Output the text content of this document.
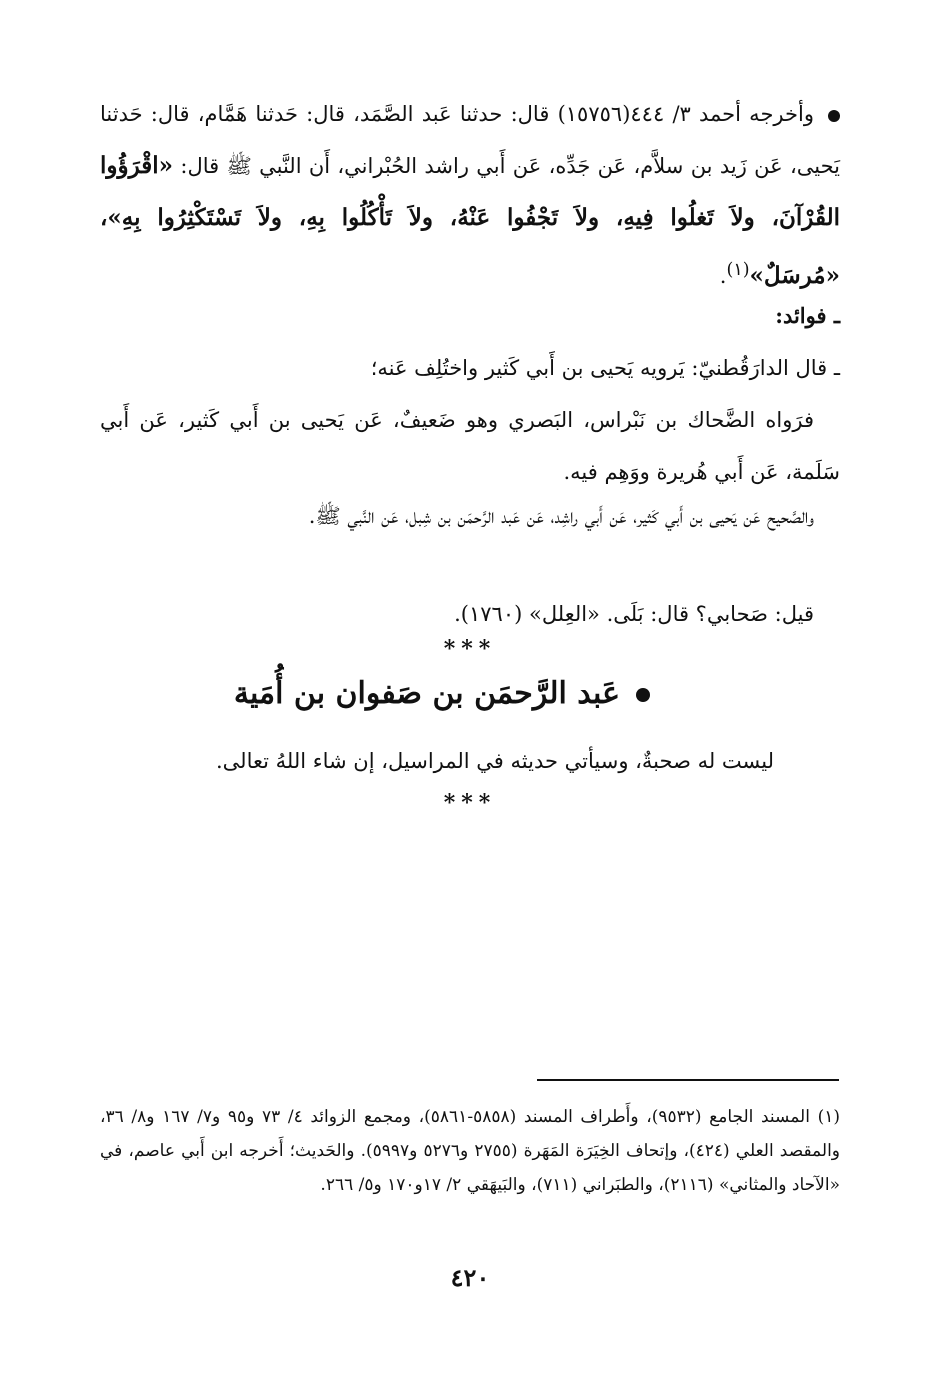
وأخرجه أحمد ٣/ ٤٤٤(١٥٧٥٦) قال: حدثنا عَبد الصَّمَد، قال: حَدثنا هَمَّام، قال: حَدثنا يَحيى، عَن زَيد بن سلاَّم، عَن جَدِّه، عَن أَبي راشد الحُبْراني، أَن النَّبي ﷺ قال: «اقْرَؤُوا القُرْآنَ، ولاَ تَغلُوا فِيهِ، ولاَ تَجْفُوا عَنْهُ، ولاَ تَأْكُلُوا بِهِ، ولاَ تَسْتَكْثِرُوا بِهِ»، «مُرسَلٌ»$^{(١)}$.

ـ فوائد:

ـ قال الدارَقُطنيّ: يَرويه يَحيى بن أَبي كَثير واختُلِف عَنه؛

فرَواه الضَّحاك بن نَبْراس، البَصري وهو ضَعيفٌ، عَن يَحيى بن أَبي كَثير، عَن أَبي سَلَمة، عَن أَبي هُريرة ووَهِم فيه.

والصَّحيح عَن يَحيى بن أَبي كَثير، عَن أَبي راشِد، عَن عَبد الرَّحمَن بن شِبل، عَن النَّبي ﷺ.

قيل: صَحابي؟ قال: بَلَى. «العِلل» (١٧٦٠).

***
عَبد الرَّحمَن بن صَفوان بن أُمَية

ليست له صحبةٌ، وسيأتي حديثه في المراسيل، إن شاء اللهُ تعالى.

***

(١) المسند الجامع (٩٥٣٢)، وأَطراف المسند (٥٨٥٨-٥٨٦١)، ومجمع الزوائد ٤/ ٧٣ و٩٥ و٧/ ١٦٧ و٨/ ٣٦، والمقصد العلي (٤٢٤)، وإتحاف الخِيَرَة المَهَرة (٢٧٥٥ و٥٢٧٦ و٥٩٩٧). والحَديث؛ أَخرجه ابن أَبي عاصم، في «الآحاد والمثاني» (٢١١٦)، والطبَراني (٧١١)، والبَيهَقي ٢/ ١٧و١٧٠ و٥/ ٢٦٦.

٤٢٠
